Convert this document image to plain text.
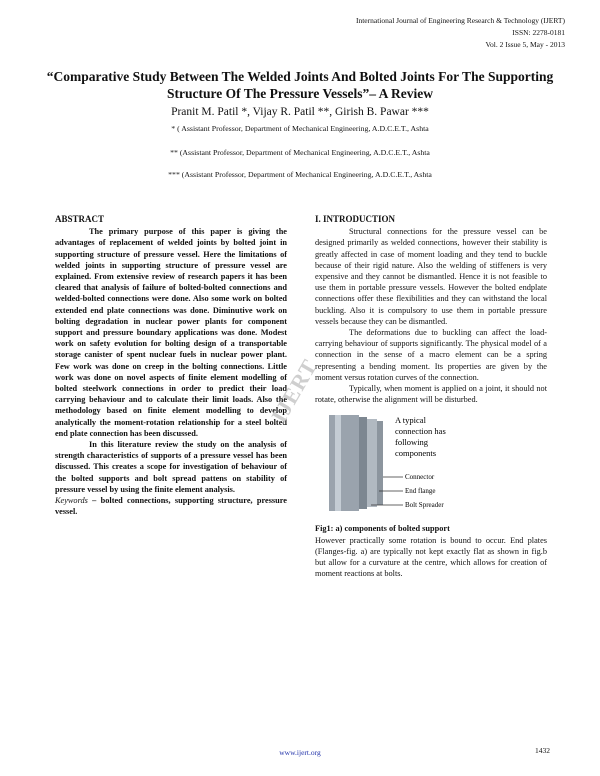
International Journal of Engineering Research & Technology (IJERT)
ISSN: 2278-0181
Vol. 2 Issue 5, May - 2013
“Comparative Study Between The Welded Joints And Bolted Joints For The Supporting Structure Of The Pressure Vessels”– A Review
Pranit M. Patil *, Vijay R. Patil **, Girish B. Pawar ***
* ( Assistant Professor, Department of Mechanical Engineering, A.D.C.E.T., Ashta
** (Assistant Professor, Department of Mechanical Engineering, A.D.C.E.T., Ashta
*** (Assistant Professor, Department of Mechanical Engineering, A.D.C.E.T., Ashta
ABSTRACT

The primary purpose of this paper is giving the advantages of replacement of welded joints by bolted joint in supporting structure of pressure vessel. Here the limitations of welded joints in supporting structure of pressure vessel are explained. From extensive review of research papers it has been cleared that analysis of failure of bolted-bolted connections and welded-bolted connections were done. Also some work on bolted extended end plate connections was done. Diminutive work on bolting degradation in nuclear power plants for component support and pressure boundary applications was done. Modest work on safety evolution for bolting design of a transportable storage canister of spent nuclear fuels in nuclear power plant. Few work was done on creep in the bolting connections. Little work was done on novel aspects of finite element modelling of bolted steelwork connections in order to predict their load carrying behaviour and to calculate their limit loads. Also the methodology based on finite element modelling to develop analytically the moment-rotation relationship for a steel bolted end plate connection has been discussed.

In this literature review the study on the analysis of strength characteristics of supports of a pressure vessel has been discussed. This creates a scope for investigation of behaviour of the bolted supports and bolt spread pattens on stability of pressure vessel by using the finite element analysis.

Keywords – bolted connections, supporting structure, pressure vessel.
I. INTRODUCTION

Structural connections for the pressure vessel can be designed primarily as welded connections, however their stability is greatly affected in case of moment loading and they tend to buckle because of their rigid nature. Also the welding of stiffeners is very expensive and they cannot be dismantled. Hence it is not feasible to use them in portable pressure vessels. However the bolted endplate connections offer these flexibilities and they can withstand the local buckling. Also it is compulsory to use them in portable pressure vessels because they can be dismantled.

The deformations due to buckling can affect the load-carrying behaviour of supports significantly. The physical model of a connection in the sense of a macro element can be a spring representing a bending moment. Its properties are given by the moment versus rotation curves of the connection.

Typically, when moment is applied on a joint, it should not rotate, otherwise the alignment will be disturbed.

A typical
connection has
following
components
Connector
End flange
Bolt Spreader
Fig1: a) components of bolted support

However practically some rotation is bound to occur. End plates (Flanges-fig. a) are typically not kept exactly flat as shown in fig.b but allow for a curvature at the centre, which allows for creation of moment reactions at bolts.

IJERT
www.ijert.org	1432
